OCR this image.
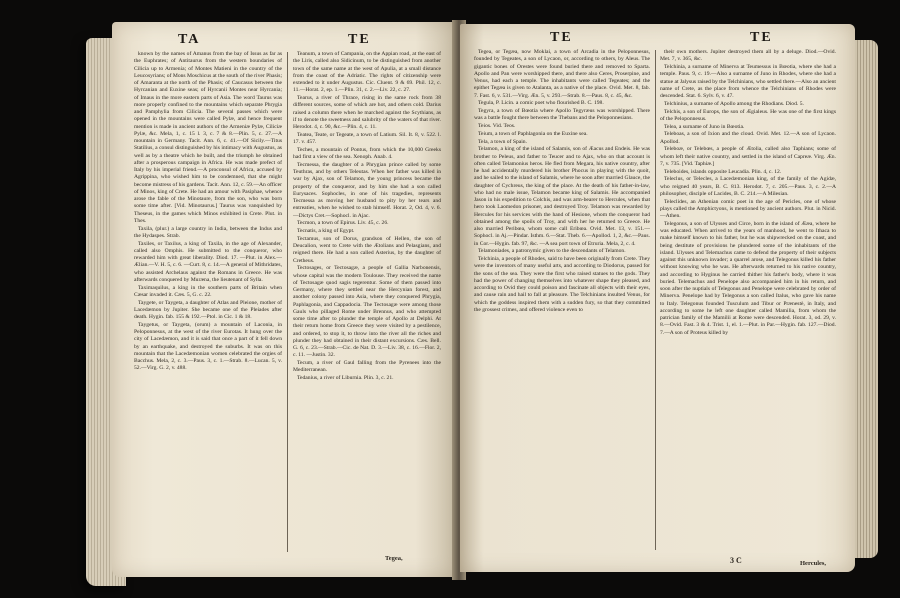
TA	TE

known by the names of Amanus from the bay of Issus as far as the Euphrates; of Antitaurus from the western boundaries of Cilicia up to Armenia; of Montes Matieni in the country of the Leucosyrians; of Mons Moschicus at the south of the river Phasis; of Amaranta at the north of the Phasis; of Caucasus between the Hyrcanian and Euxine seas; of Hyrcanii Montes near Hyrcania; of Imaus in the more eastern parts of Asia. The word Taurus was more properly confined to the mountains which separate Phrygia and Pamphylia from Cilicia. The several passes which were opened in the mountains were called Pylæ, and hence frequent mention is made in ancient authors of the Armeniæ Pylæ, Ciliciæ Pylæ, &c. Mela, 1, c. 15 l. 3, c. 7 & 8.—Plin. 5, c. 27.—A mountain in Germany. Tacit. Ann. 6, c. 41.—Of Sicily.—Titus Statilius, a consul distinguished by his intimacy with Augustus, as well as by a theatre which he built, and the triumph he obtained after a prosperous campaign in Africa. He was made prefect of Italy by his imperial friend.—A proconsul of Africa, accused by Agrippina, who wished him to be condemned, that she might become mistress of his gardens. Tacit. Ann. 12, c. 59.—An officer of Minos, king of Crete. He had an amour with Pasiphae, whence arose the fable of the Minotaure, from the son, who was born some time after. [Vid. Minotaurus.] Taurus was vanquished by Theseus, in the games which Minos exhibited in Crete. Plut. in Thes.

Taxila, (plur.) a large country in India, between the Indus and the Hydaspes. Strab.

Taxiles, or Taxilus, a king of Taxila, in the age of Alexander, called also Omphis. He submitted to the conqueror, who rewarded him with great liberality. Diod. 17. —Plut. in Alex.—Ælian.—V. H. 5, c. 6. —Curt. 8, c. 14.—A general of Mithridates, who assisted Archelaus against the Romans in Greece. He was afterwards conquered by Muræna, the lieutenant of Sylla.

Taximaquilus, a king in the southern parts of Britain when Cæsar invaded it. Cæs. 5, G. c. 22.

Taygete, or Taygeta, a daughter of Atlas and Pleione, mother of Lacedæmon by Jupiter. She became one of the Pleiades after death. Hygin. fab. 155 & 192.—Ptol. in Cic. 1 & 18.

Taygetus, or Taygeta, (orum) a mountain of Laconia, in Peloponnesus, at the west of the river Eurotas. It hung over the city of Lacedæmon, and it is said that once a part of it fell down by an earthquake, and destroyed the suburbs. It was on this mountain that the Lacedæmonian women celebrated the orgies of Bacchus. Mela, 2, c. 3.—Paus. 3, c. 1.—Strab. 8.—Lucan. 5, v. 52.—Virg. G. 2, v. 488.

Teanum, a town of Campania, on the Appian road, at the east of the Liris, called also Sidicinum, to be distinguished from another town of the same name at the west of Apulia, at a small distance from the coast of the Adriatic. The rights of citizenship were extended to it under Augustus. Cic. Cluent. 9 & 69. Phil. 12, c. 11.—Horat. 2, ep. 1.—Plin. 31, c. 2.—Liv. 22, c. 27.

Tearus, a river of Thrace, rising in the same rock from 38 different sources, some of which are hot, and others cold. Darius raised a column there when he marched against the Scythians, as if to denote the sweetness and salubrity of the waters of that river. Herodot. 4, c. 90, &c.—Plin. 4, c. 11.

Teatea, Teate, or Tegeate, a town of Latium. Sil. It. 8, v. 522. l. 17. v. 457.

Teches, a mountain of Pontus, from which the 10,000 Greeks had first a view of the sea. Xenoph. Anab. 4.

Tecmessa, the daughter of a Phrygian prince called by some Teuthras, and by others Teleutas. When her father was killed in war by Ajax, son of Telamon, the young princess became the property of the conqueror, and by him she had a son called Eurysaces. Sophocles, in one of his tragedies, represents Tecmessa as moving her husband to pity by her tears and entreaties, when he wished to stab himself. Horat. 2, Od. 4, v. 6.—Dictys Cret.—Sophocl. in Ajac.

Tecmon, a town of Epirus. Liv. 45, c. 26.

Tecnatis, a king of Egypt.

Tectamus, son of Dorus, grandson of Hellen, the son of Deucalion, went to Crete with the Ætolians and Pelasgians, and reigned there. He had a son called Asterius, by the daughter of Cretheus.

Tectosages, or Tectosagæ, a people of Gallia Narbonensis, whose capital was the modern Toulouse. They received the name of Tectosagæ quod sagis tegerentur. Some of them passed into Germany, where they settled near the Hercynian forest, and another colony passed into Asia, where they conquered Phrygia, Paphlagonia, and Cappadocia. The Tectosagæ were among those Gauls who pillaged Rome under Brennus, and who attempted some time after to plunder the temple of Apollo at Delphi. At their return home from Greece they were visited by a pestilence, and ordered, to stop it, to throw into the river all the riches and plunder they had obtained in their distant excursions. Cæs. Bell. G. 6, c. 23.—Strab.—Cic. de Nat. D. 3.—Liv. 38, c. 16.—Flor. 2, c. 11. —Justin. 32.

Tecum, a river of Gaul falling from the Pyrenees into the Mediterranean.

Tedanius, a river of Liburnia. Plin. 3, c. 21.

Tegea,
TE	TE

Tegea, or Tegæa, now Moklai, a town of Arcadia in the Peloponnesus, founded by Tegeates, a son of Lycaon, or, according to others, by Aleus. The gigantic bones of Orestes were found buried there and removed to Sparta. Apollo and Pan were worshipped there, and there also Ceres, Proserpine, and Venus, had each a temple. The inhabitants were called Tegeates; and the epithet Tegæa is given to Atalanta, as a native of the place. Ovid. Met. 8, fab. 7. Fast. 6, v. 531.—Virg. Æn. 5, v. 293.—Strab. 8.—Paus. 8, c. 45, &c.

Tegula, P. Licin. a comic poet who flourished B. C. 198.

Tegyra, a town of Bœotia where Apollo Tegyræus was worshipped. There was a battle fought there between the Thebans and the Peloponnesians.

Teios. Vid. Teos.

Teium, a town of Paphlagonia on the Euxine sea.

Tela, a town of Spain.

Telamon, a king of the island of Salamis, son of Æacus and Endeis. He was brother to Peleus, and father to Teucer and to Ajax, who on that account is often called Telamonius heros. He fled from Megara, his native country, after he had accidentally murdered his brother Phocus in playing with the quoit, and he sailed to the island of Salamis, where he soon after married Glauce, the daughter of Cychreus, the king of the place. At the death of his father-in-law, who had no male issue, Telamon became king of Salamis. He accompanied Jason in his expedition to Colchis, and was arm-bearer to Hercules, when that hero took Laomedon prisoner, and destroyed Troy. Telamon was rewarded by Hercules for his services with the hand of Hesione, whom the conqueror had obtained among the spoils of Troy, and with her he returned to Greece. He also married Peribœa, whom some call Eribœa. Ovid. Met. 13, v. 151.—Sophocl. in Aj.—Pindar. Isthm. 6.—Stat. Theb. 6.—Apollod. 1, 2, &c.—Paus. in Cor.—Hygin. fab. 97, &c. —A sea port town of Etruria. Mela, 2, c. 4.

Telamoniades, a patronymic given to the descendants of Telamon.

Telchinia, a people of Rhodes, said to have been originally from Crete. They were the inventors of many useful arts, and according to Diodorus, passed for the sons of the sea. They were the first who raised statues to the gods. They had the power of changing themselves into whatever shape they pleased, and according to Ovid they could poison and fascinate all objects with their eyes, and cause rain and hail to fall at pleasure. The Telchinians insulted Venus, for which the goddess inspired them with a sudden fury, so that they committed the grossest crimes, and offered violence even to

their own mothers. Jupiter destroyed them all by a deluge. Diod.—Ovid. Met. 7, v. 365, &c.

Telchinia, a surname of Minerva at Teumessus in Bœotia, where she had a temple. Paus. 9, c. 19.—Also a surname of Juno in Rhodes, where she had a statue at Jalysus raised by the Telchinians, who settled there.—Also an ancient name of Crete, as the place from whence the Telchinians of Rhodes were descended. Stat. 6. Sylv. 6, v. 47.

Telchinius, a surname of Apollo among the Rhodians. Diod. 5.

Telchis, a son of Europs, the son of Ægialeus. He was one of the first kings of the Peloponnesus.

Telea, a surname of Juno in Bœotia.

Teleboas, a son of Ixion and the cloud. Ovid. Met. 12.—A son of Lycaon. Apollod.

Teleboæ, or Telebœs, a people of Ætolia, called also Taphians; some of whom left their native country, and settled in the island of Capreæ. Virg. Æn. 7, v. 735. [Vid. Taphiæ.]

Teleboides, islands opposite Leucadia. Plin. 4, c. 12.

Teleclus, or Telecles, a Lacedæmonian king, of the family of the Agidæ, who reigned 40 years, B. C. 813. Herodot. 7, c. 205.—Paus. 3, c. 2.—A philosopher, disciple of Lacides, B. C. 214.—A Milesian.

Teleclides, an Athenian comic poet in the age of Pericles, one of whose plays called the Amphictyons, is mentioned by ancient authors. Plut. in Nicid.—Athen.

Telegonus, a son of Ulysses and Circe, born in the island of Ææa, where he was educated. When arrived to the years of manhood, he went to Ithaca to make himself known to his father, but he was shipwrecked on the coast, and being destitute of provisions he plundered some of the inhabitants of the island. Ulysses and Telemachus came to defend the property of their subjects against this unknown invader; a quarrel arose, and Telegonus killed his father without knowing who he was. He afterwards returned to his native country, and according to Hyginus he carried thither his father's body, where it was buried. Telemachus and Penelope also accompanied him in his return, and soon after the nuptials of Telegonus and Penelope were celebrated by order of Minerva. Penelope had by Telegonus a son called Italus, who gave his name to Italy. Telegonus founded Tusculum and Tibur or Prænestè, in Italy, and according to some he left one daughter called Mamilia, from whom the patrician family of the Mamilii at Rome were descended. Horat. 3, od. 29, v. 8.—Ovid. Fast. 3 & 4. Trist. 1, el. 1.—Plut. in Par.—Hygin. fab. 127.—Diod. 7.—A son of Proteus killed by

3 C	Hercules,
